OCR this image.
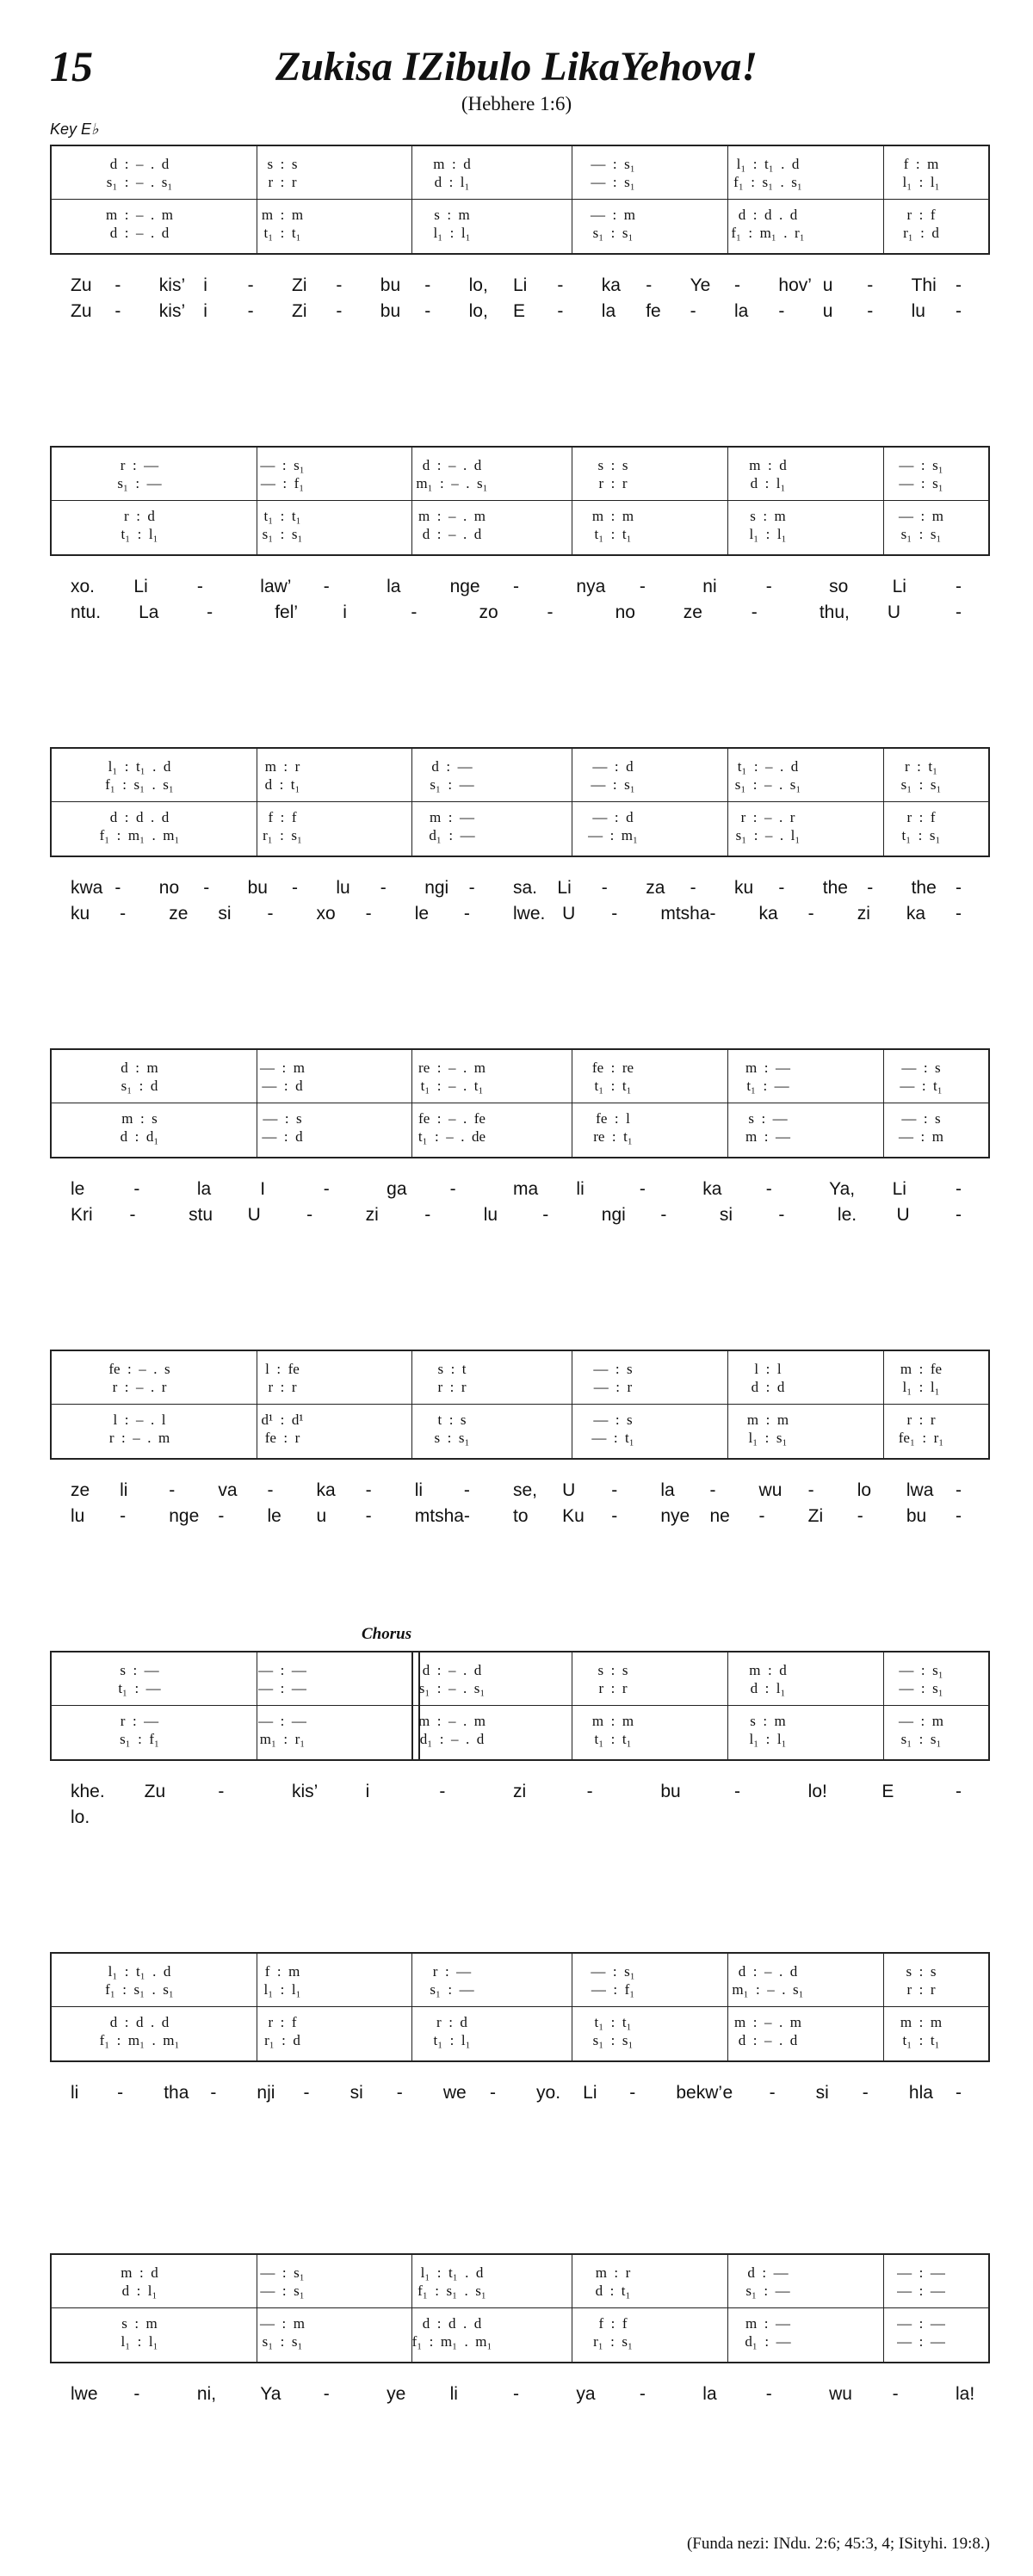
15	Zukisa IZibulo LikaYehova!
(Hebhere 1:6)
Key E♭
Chorus
d  :  –  .  d	s  :  s	m  :  d	—  :  s₁	l₁  :  t₁  .  d	f  :  m
s₁  :  –  .  s₁	r  :  r	d  :  l₁	—  :  s₁	f₁  :  s₁  .  s₁	l₁  :  l₁
m  :  –  .  m	m  :  m	s  :  m	—  :  m	d  :  d  .  d	r  :  f
d  :  –  .  d	t₁  :  t₁	l₁  :  l₁	s₁  :  s₁	f₁  :  m₁  .  r₁	r₁  :  d
Zu - kis’ i - Zi - bu - lo, Li - ka - Ye - hov’ u - Thi -
Zu - kis’ i - Zi - bu - lo, E - la fe - la - u - lu -
r  :  —	—  :  s₁	d  :  –  .  d	s  :  s	m  :  d	—  :  s₁
s₁  :  —	—  :  f₁	m₁  :  –  .  s₁	r  :  r	d  :  l₁	—  :  s₁
r  :  d	t₁  :  t₁	m  :  –  .  m	m  :  m	s  :  m	—  :  m
t₁  :  l₁	s₁  :  s₁	d  :  –  .  d	t₁  :  t₁	l₁  :  l₁	s₁  :  s₁
xo. Li	-	law’ -	la	nge -	nya -	ni	-	so Li	-
ntu. La	-	fel’ i	-	zo	-	no	ze	-	thu, U	-
l₁  :  t₁  .  d	m  :  r	d  :  —	—  :  d	t₁  :  –  .  d	r  :  t₁
f₁  :  s₁  .  s₁	d  :  t₁	s₁  :  —	—  :  s₁	s₁  :  –  .  s₁	s₁  :  s₁
d  :  d  .  d	f  :  f	m  :  —	—  :  d	r  :  –  .  r	r  :  f
f₁  :  m₁  .  m₁	r₁  :  s₁	d₁  :  —	—  :  m₁	s₁  :  –  .  l₁	t₁  :  s₁
kwa - no - bu - lu - ngi - sa. Li - za - ku - the - the -
ku - ze si - xo - le - lwe. U - mtsha - ka - zi ka -
d  :  m	—  :  m	re  :  –  .  m	fe  :  re	m  :  —	—  :  s
s₁  :  d	—  :  d	t₁  :  –  .  t₁	t₁  :  t₁	t₁  :  —	—  :  t₁
m  :  s	—  :  s	fe  :  –  .  fe	fe  :  l	s  :  —	—  :  s
d  :  d₁	—  :  d	t₁  :  –  .  de	re  :  t₁	m  :  —	—  :  m
le	-	la	I	-	ga -	ma li	-	ka -	Ya, Li	-
Kri -	stu U	-	zi	-	lu -	ngi -	si	-	le. U	-
fe  :  –  .  s	l  :  fe	s  :  t	—  :  s	l  :  l	m  :  fe
r  :  –  .  r	r  :  r	r  :  r	—  :  r	d  :  d	l₁  :  l₁
l  :  –  .  l	d¹  :  d¹	t  :  s	—  :  s	m  :  m	r  :  r
r  :  –  .  m	fe  :  r	s  :  s₁	—  :  t₁	l₁  :  s₁	fe₁  :  r₁
ze li - va - ka - li - se, U - la - wu - lo lwa -
lu - nge - le u - mtsha - to Ku - nye ne - Zi - bu -
s  :  —	—  :  —	d  :  –  .  d	s  :  s	m  :  d	—  :  s₁
t₁  :  —	—  :  —	s₁  :  –  .  s₁	r  :  r	d  :  l₁	—  :  s₁
r  :  —	—  :  —	m  :  –  .  m	m  :  m	s  :  m	—  :  m
s₁  :  f₁	m₁  :  r₁	d₁  :  –  .  d	t₁  :  t₁	l₁  :  l₁	s₁  :  s₁
khe. Zu	-	kis’	i	-	zi	-	bu	-	lo!	E	-
lo.
l₁  :  t₁  .  d	f  :  m	r  :  —	—  :  s₁	d  :  –  .  d	s  :  s
f₁  :  s₁  .  s₁	l₁  :  l₁	s₁  :  —	—  :  f₁	m₁  :  –  .  s₁	r  :  r
d  :  d  .  d	r  :  f	r  :  d	t₁  :  t₁	m  :  –  .  m	m  :  m
f₁  :  m₁  .  m₁	r₁  :  d	t₁  :  l₁	s₁  :  s₁	d  :  –  .  d	t₁  :  t₁
li - tha - nji - si - we - yo. Li - bekw’ e - si - hla -
m  :  d	—  :  s₁	l₁  :  t₁  .  d	m  :  r	d  :  —	—  :  —
d  :  l₁	—  :  s₁	f₁  :  s₁  .  s₁	d  :  t₁	s₁  :  —	—  :  —
s  :  m	—  :  m	d  :  d  .  d	f  :  f	m  :  —	—  :  —
l₁  :  l₁	s₁  :  s₁	f₁  :  m₁  .  m₁	r₁  :  s₁	d₁  :  —	—  :  —
lwe -	ni, Ya -	ye li	-	ya -	la	-	wu -	la!
(Funda nezi: INdu. 2:6; 45:3, 4; ISityhi. 19:8.)
